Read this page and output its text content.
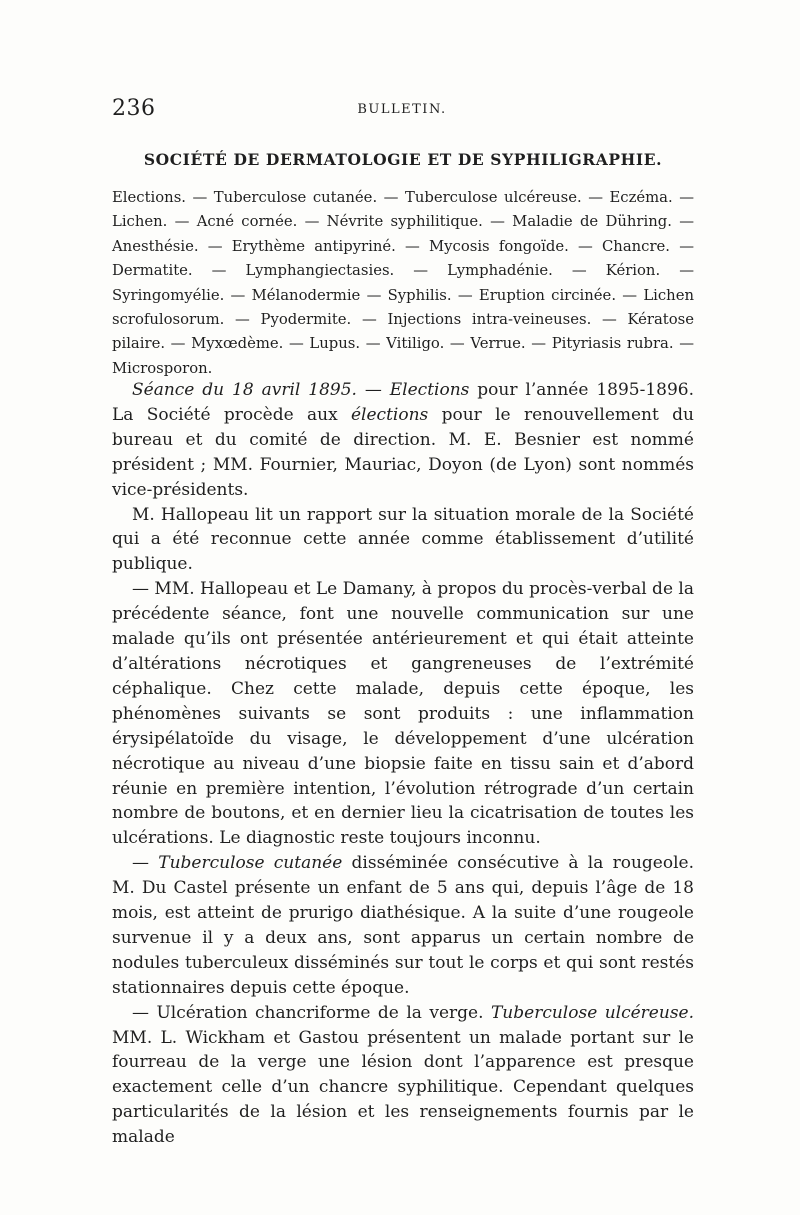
236	BULLETIN.
SOCIÉTÉ DE DERMATOLOGIE ET DE SYPHILIGRAPHIE.

Elections. — Tuberculose cutanée. — Tuberculose ulcéreuse. — Eczéma. — Lichen. — Acné cornée. — Névrite syphilitique. — Maladie de Dühring. — Anesthésie. — Erythème antipyriné. — Mycosis fongoïde. — Chancre. — Dermatite. — Lymphangiectasies. — Lymphadénie. — Kérion. — Syringomyélie. — Mélanodermie — Syphilis. — Eruption circinée. — Lichen scrofulosorum. — Pyodermite. — Injections intra-veineuses. — Kératose pilaire. — Myxœdème. — Lupus. — Vitiligo. — Verrue. — Pityriasis rubra. — Microsporon.

Séance du 18 avril 1895. — Elections pour l’année 1895-1896. La Société procède aux élections pour le renouvellement du bureau et du comité de direction. M. E. Besnier est nommé président ; MM. Fournier, Mauriac, Doyon (de Lyon) sont nommés vice-présidents.

M. Hallopeau lit un rapport sur la situation morale de la Société qui a été reconnue cette année comme établissement d’utilité publique.

— MM. Hallopeau et Le Damany, à propos du procès-verbal de la précédente séance, font une nouvelle communication sur une malade qu’ils ont présentée antérieurement et qui était atteinte d’altérations nécrotiques et gangreneuses de l’extrémité céphalique. Chez cette malade, depuis cette époque, les phénomènes suivants se sont produits : une inflammation érysipélatoïde du visage, le développement d’une ulcération nécrotique au niveau d’une biopsie faite en tissu sain et d’abord réunie en première intention, l’évolution rétrograde d’un certain nombre de boutons, et en dernier lieu la cicatrisation de toutes les ulcérations. Le diagnostic reste toujours inconnu.

— Tuberculose cutanée disséminée consécutive à la rougeole. M. Du Castel présente un enfant de 5 ans qui, depuis l’âge de 18 mois, est atteint de prurigo diathésique. A la suite d’une rougeole survenue il y a deux ans, sont apparus un certain nombre de nodules tuberculeux disséminés sur tout le corps et qui sont restés stationnaires depuis cette époque.

— Ulcération chancriforme de la verge. Tuberculose ulcéreuse. MM. L. Wickham et Gastou présentent un malade portant sur le fourreau de la verge une lésion dont l’apparence est presque exactement celle d’un chancre syphilitique. Cependant quelques particularités de la lésion et les renseignements fournis par le malade
